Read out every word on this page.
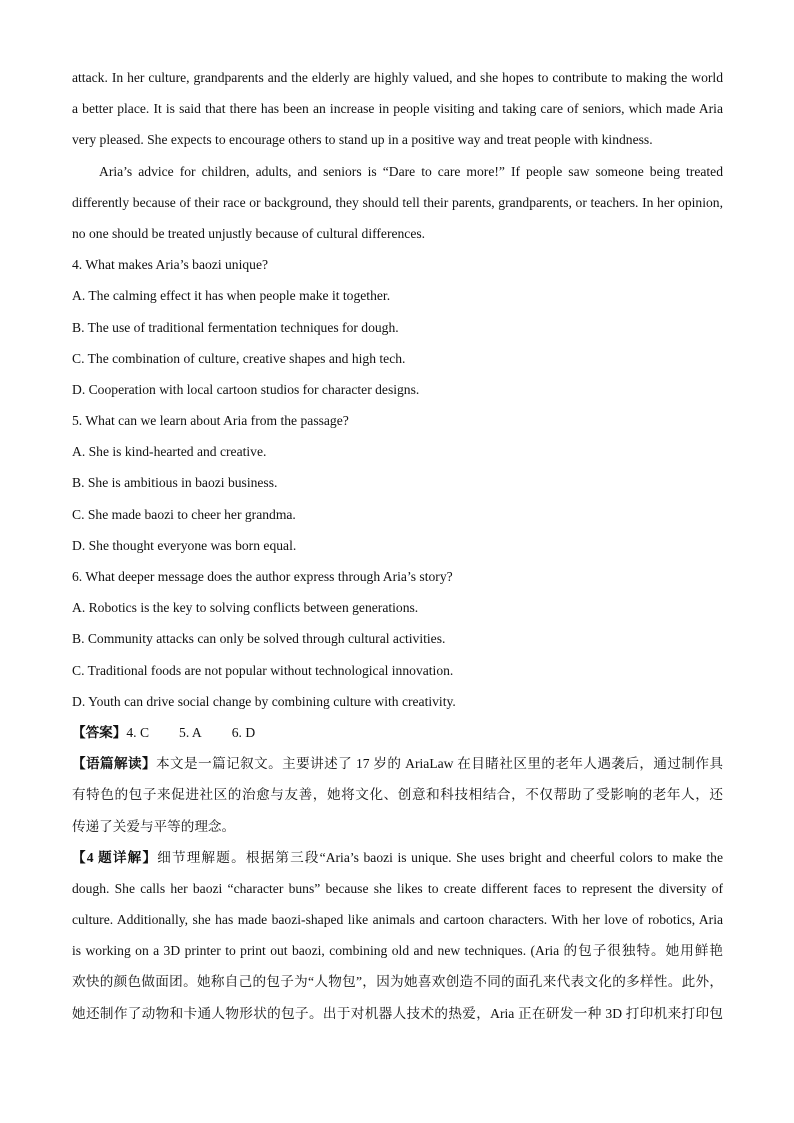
attack. In her culture, grandparents and the elderly are highly valued, and she hopes to contribute to making the world
a better place. It is said that there has been an increase in people visiting and taking care of seniors, which made Aria
very pleased. She expects to encourage others to stand up in a positive way and treat people with kindness.
Aria’s advice for children, adults, and seniors is “Dare to care more!” If people saw someone being treated
differently because of their race or background, they should tell their parents, grandparents, or teachers. In her opinion,
no one should be treated unjustly because of cultural differences.
4. What makes Aria’s baozi unique?
A. The calming effect it has when people make it together.
B. The use of traditional fermentation techniques for dough.
C. The combination of culture, creative shapes and high tech.
D. Cooperation with local cartoon studios for character designs.
5. What can we learn about Aria from the passage?
A. She is kind-hearted and creative.
B. She is ambitious in baozi business.
C. She made baozi to cheer her grandma.
D. She thought everyone was born equal.
6. What deeper message does the author express through Aria’s story?
A. Robotics is the key to solving conflicts between generations.
B. Community attacks can only be solved through cultural activities.
C. Traditional foods are not popular without technological innovation.
D. Youth can drive social change by combining culture with creativity.
【答案】4. C 5. A 6. D
【语篇解读】本文是一篇记叙文。主要讲述了 17 岁的 AriaLaw 在目睹社区里的老年人遇袭后，通过制作具
有特色的包子来促进社区的治愈与友善，她将文化、创意和科技相结合，不仅帮助了受影响的老年人，还
传递了关爱与平等的理念。
【4 题详解】细节理解题。根据第三段“Aria’s baozi is unique. She uses bright and cheerful colors to make the
dough. She calls her baozi “character buns” because she likes to create different faces to represent the diversity of
culture. Additionally, she has made baozi-shaped like animals and cartoon characters. With her love of robotics, Aria
is working on a 3D printer to print out baozi, combining old and new techniques. (Aria 的包子很独特。她用鲜艳
欢快的颜色做面团。她称自己的包子为“人物包”，因为她喜欢创造不同的面孔来代表文化的多样性。此外，
她还制作了动物和卡通人物形状的包子。出于对机器人技术的热爱，Aria 正在研发一种 3D 打印机来打印包
